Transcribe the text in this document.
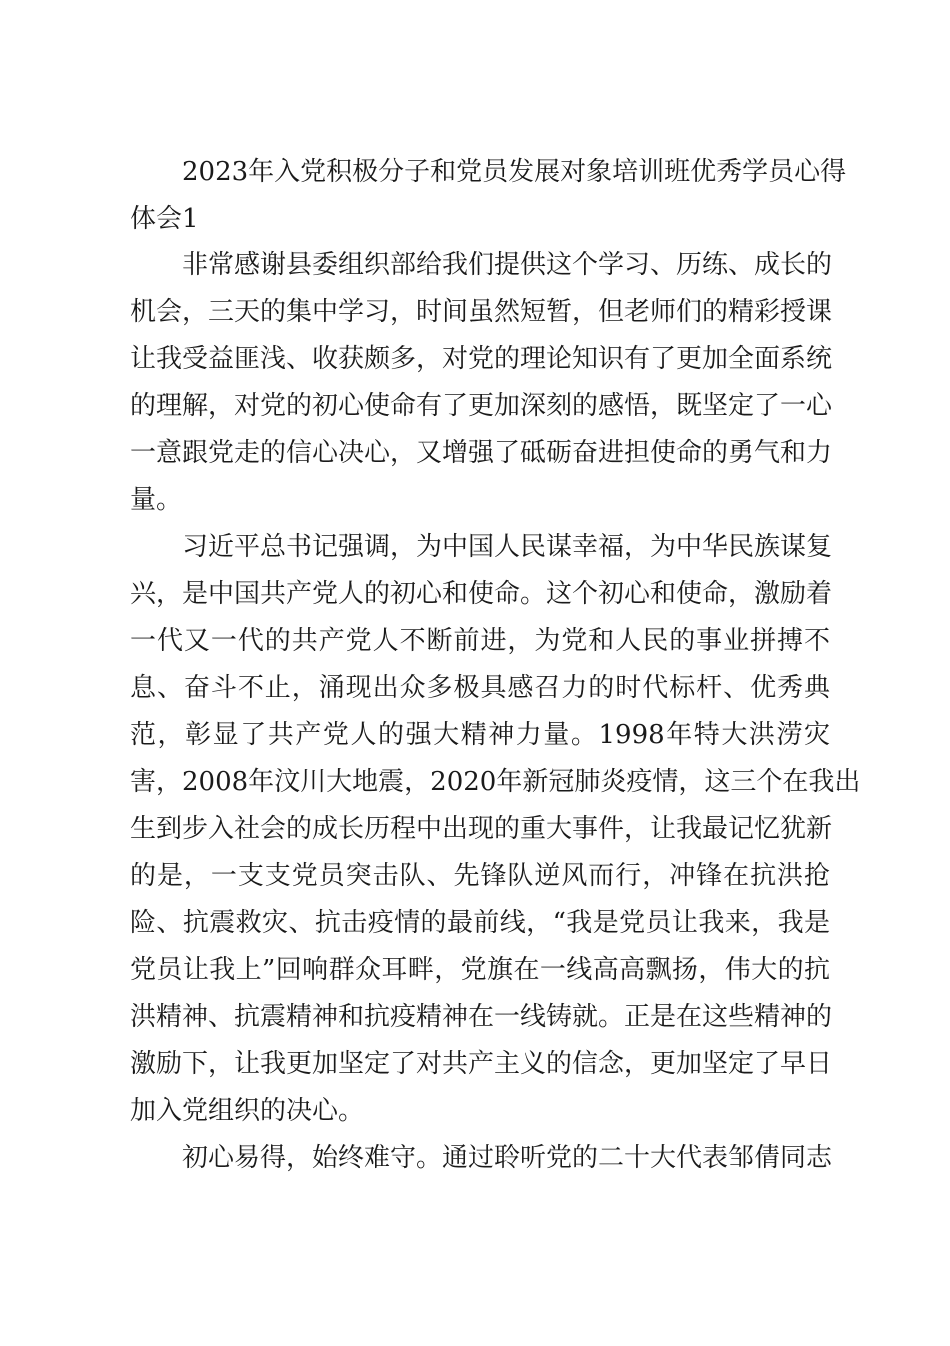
2023年入党积极分子和党员发展对象培训班优秀学员心得
体会1
非常感谢县委组织部给我们提供这个学习、历练、成长的
机会，三天的集中学习，时间虽然短暂，但老师们的精彩授课
让我受益匪浅、收获颇多，对党的理论知识有了更加全面系统
的理解，对党的初心使命有了更加深刻的感悟，既坚定了一心
一意跟党走的信心决心，又增强了砥砺奋进担使命的勇气和力
量。
习近平总书记强调，为中国人民谋幸福，为中华民族谋复
兴，是中国共产党人的初心和使命。这个初心和使命，激励着
一代又一代的共产党人不断前进，为党和人民的事业拼搏不
息、奋斗不止，涌现出众多极具感召力的时代标杆、优秀典
范，彰显了共产党人的强大精神力量。1998年特大洪涝灾
害，2008年汶川大地震，2020年新冠肺炎疫情，这三个在我出
生到步入社会的成长历程中出现的重大事件，让我最记忆犹新
的是，一支支党员突击队、先锋队逆风而行，冲锋在抗洪抢
险、抗震救灾、抗击疫情的最前线，“我是党员让我来，我是
党员让我上”回响群众耳畔，党旗在一线高高飘扬，伟大的抗
洪精神、抗震精神和抗疫精神在一线铸就。正是在这些精神的
激励下，让我更加坚定了对共产主义的信念，更加坚定了早日
加入党组织的决心。
初心易得，始终难守。通过聆听党的二十大代表邹倩同志
